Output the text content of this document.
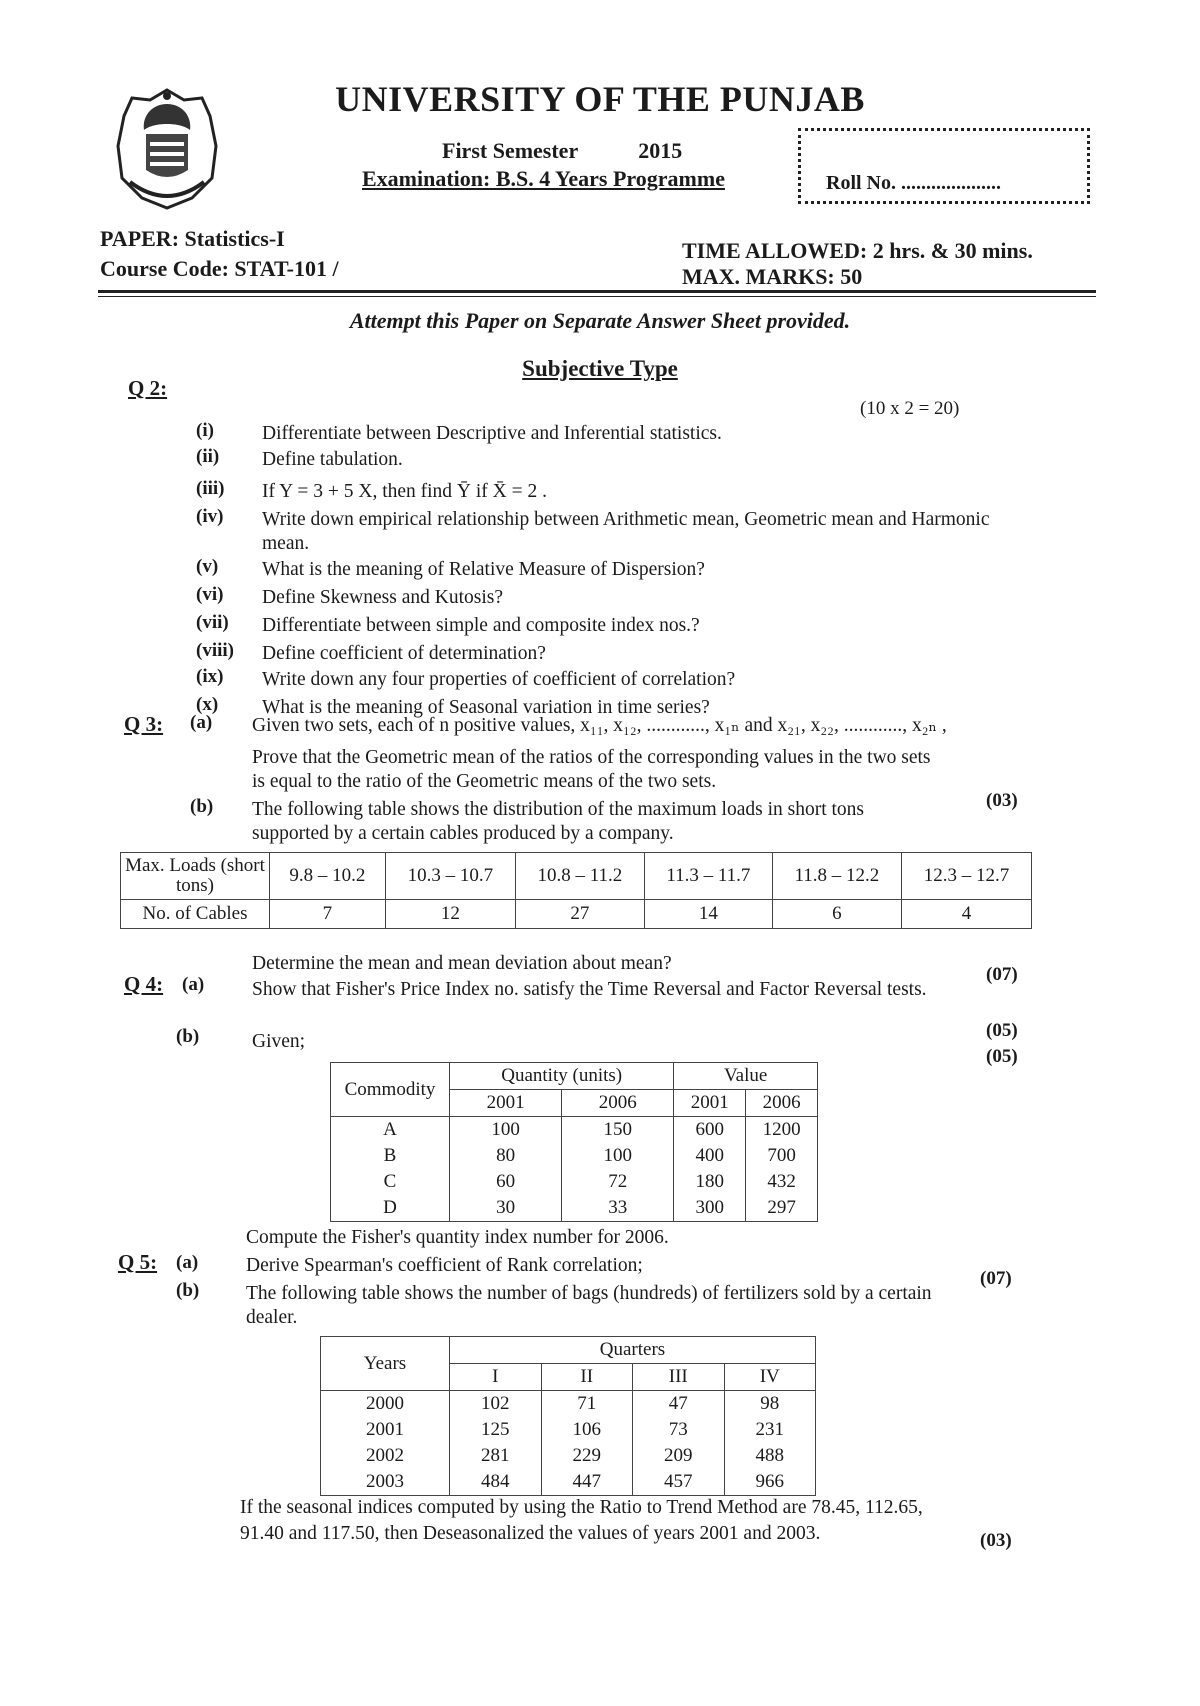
UNIVERSITY OF THE PUNJAB
First Semester	2015
Examination: B.S. 4 Years Programme	Roll No. ....................
PAPER: Statistics-I
Course Code: STAT-101 /
TIME ALLOWED: 2 hrs. & 30 mins.
MAX. MARKS: 50
Attempt this Paper on Separate Answer Sheet provided.
Subjective Type
Q 2:
(10 x 2 = 20)
(i) Differentiate between Descriptive and Inferential statistics.
(ii) Define tabulation.
(iii) If Y = 3 + 5 X, then find Ȳ if X̄ = 2 .
(iv) Write down empirical relationship between Arithmetic mean, Geometric mean and Harmonic mean.
(v) What is the meaning of Relative Measure of Dispersion?
(vi) Define Skewness and Kutosis?
(vii) Differentiate between simple and composite index nos.?
(viii) Define coefficient of determination?
(ix) Write down any four properties of coefficient of correlation?
(x) What is the meaning of Seasonal variation in time series?
Q 3: (a) Given two sets, each of n positive values, x₁₁, x₁₂, ............, x₁ₙ and x₂₁, x₂₂, ............, x₂ₙ ,
Prove that the Geometric mean of the ratios of the corresponding values in the two sets
is equal to the ratio of the Geometric means of the two sets.
(03)
(b) The following table shows the distribution of the maximum loads in short tons
supported by a certain cables produced by a company.
Max. Loads (short tons)	9.8 – 10.2	10.3 – 10.7	10.8 – 11.2	11.3 – 11.7	11.8 – 12.2	12.3 – 12.7
No. of Cables	7	12	27	14	6	4
Determine the mean and mean deviation about mean?
(07)
Q 4: (a) Show that Fisher's Price Index no. satisfy the Time Reversal and Factor Reversal tests.
(05)
(05)
(b)	Given;
Commodity	Quantity (units)		Value	
	2001	2006	2001	2006
A	100	150	600	1200
B	80	100	400	700
C	60	72	180	432
D	30	33	300	297
Compute the Fisher's quantity index number for 2006.
Q 5: (a) Derive Spearman's coefficient of Rank correlation;
(07)
(b) The following table shows the number of bags (hundreds) of fertilizers sold by a certain
dealer.
Years	Quarters			
	I	II	III	IV
2000	102	71	47	98
2001	125	106	73	231
2002	281	229	209	488
2003	484	447	457	966
If the seasonal indices computed by using the Ratio to Trend Method are 78.45, 112.65,
91.40 and 117.50, then Deseasonalized the values of years 2001 and 2003.	(03)
